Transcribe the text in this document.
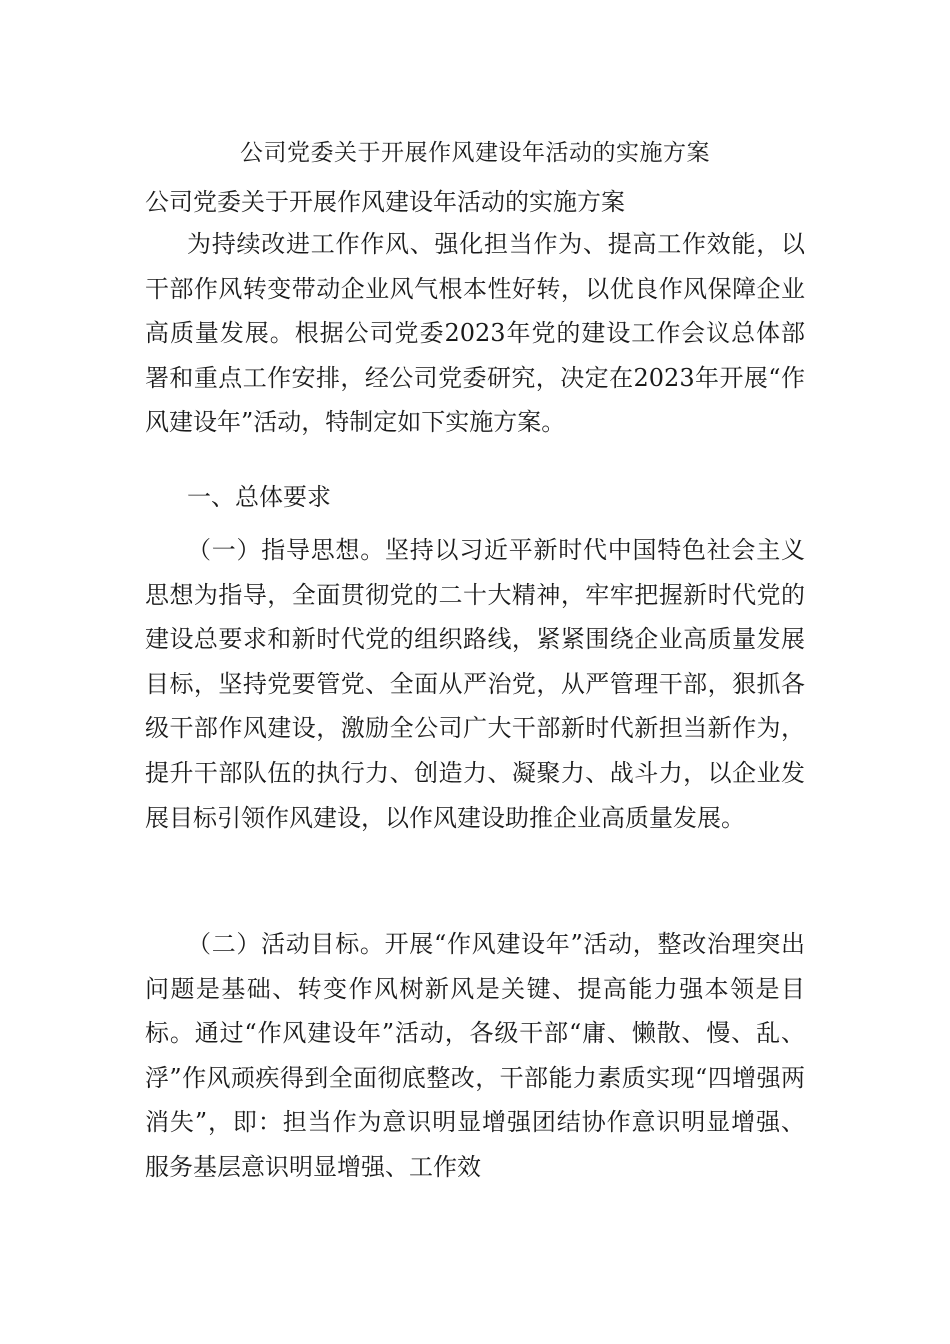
公司党委关于开展作风建设年活动的实施方案
公司党委关于开展作风建设年活动的实施方案

为持续改进工作作风、强化担当作为、提高工作效能，以干部作风转变带动企业风气根本性好转，以优良作风保障企业高质量发展。根据公司党委2023年党的建设工作会议总体部署和重点工作安排，经公司党委研究，决定在2023年开展“作风建设年”活动，特制定如下实施方案。

一、总体要求

（一）指导思想。坚持以习近平新时代中国特色社会主义思想为指导，全面贯彻党的二十大精神，牢牢把握新时代党的建设总要求和新时代党的组织路线，紧紧围绕企业高质量发展目标，坚持党要管党、全面从严治党，从严管理干部，狠抓各级干部作风建设，激励全公司广大干部新时代新担当新作为，提升干部队伍的执行力、创造力、凝聚力、战斗力，以企业发展目标引领作风建设，以作风建设助推企业高质量发展。

（二）活动目标。开展“作风建设年”活动，整改治理突出问题是基础、转变作风树新风是关键、提高能力强本领是目标。通过“作风建设年”活动，各级干部“庸、懒散、慢、乱、浮”作风顽疾得到全面彻底整改，干部能力素质实现“四增强两消失”，即：担当作为意识明显增强团结协作意识明显增强、服务基层意识明显增强、工作效
